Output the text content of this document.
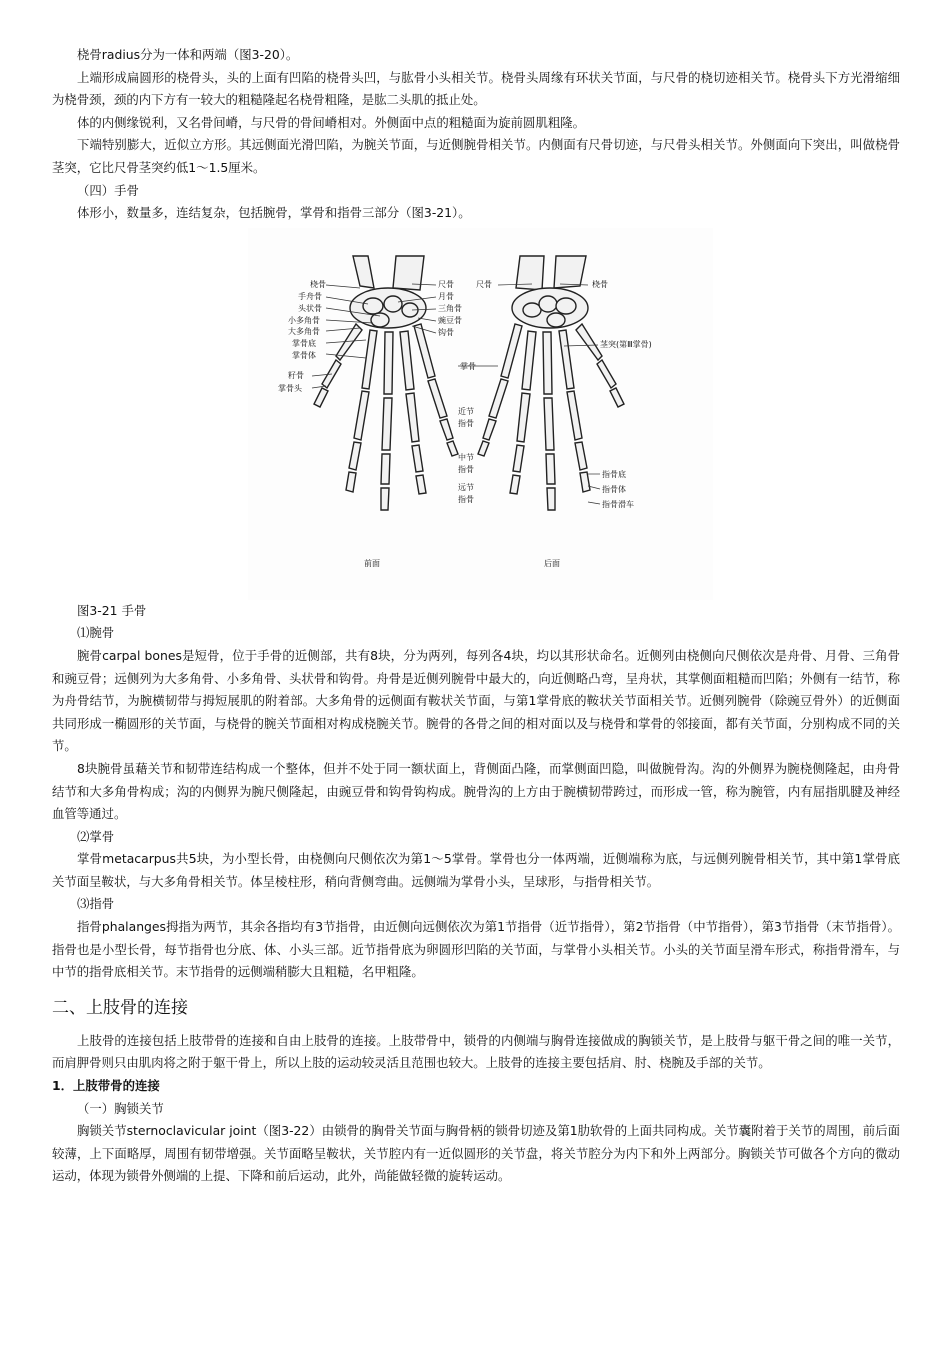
桡骨radius分为一体和两端（图3-20）。

上端形成扁圆形的桡骨头，头的上面有凹陷的桡骨头凹，与肱骨小头相关节。桡骨头周缘有环状关节面，与尺骨的桡切迹相关节。桡骨头下方光滑缩细为桡骨颈，颈的内下方有一较大的粗糙隆起名桡骨粗隆，是肱二头肌的抵止处。

体的内侧缘锐利，又名骨间嵴，与尺骨的骨间嵴相对。外侧面中点的粗糙面为旋前圆肌粗隆。

下端特别膨大，近似立方形。其远侧面光滑凹陷，为腕关节面，与近侧腕骨相关节。内侧面有尺骨切迹，与尺骨头相关节。外侧面向下突出，叫做桡骨茎突，它比尺骨茎突约低1～1.5厘米。

（四）手骨

体形小，数量多，连结复杂，包括腕骨，掌骨和指骨三部分（图3-21）。

桡骨
手舟骨
头状骨
小多角骨
大多角骨
掌骨底
掌骨体
籽骨
掌骨头
尺骨
月骨
三角骨
豌豆骨
钩骨
掌骨
近节
指骨
中节
指骨
远节
指骨
尺骨	桡骨
茎突(第Ⅲ掌骨)
指骨底
指骨体
指骨滑车
前面	后面

图3-21 手骨

⑴腕骨

腕骨carpal bones是短骨，位于手骨的近侧部，共有8块，分为两列，每列各4块，均以其形状命名。近侧列由桡侧向尺侧依次是舟骨、月骨、三角骨和豌豆骨；远侧列为大多角骨、小多角骨、头状骨和钩骨。舟骨是近侧列腕骨中最大的，向近侧略凸弯，呈舟状，其掌侧面粗糙而凹陷；外侧有一结节，称为舟骨结节，为腕横韧带与拇短展肌的附着部。大多角骨的远侧面有鞍状关节面，与第1掌骨底的鞍状关节面相关节。近侧列腕骨（除豌豆骨外）的近侧面共同形成一椭圆形的关节面，与桡骨的腕关节面相对构成桡腕关节。腕骨的各骨之间的相对面以及与桡骨和掌骨的邻接面，都有关节面，分别构成不同的关节。

8块腕骨虽藉关节和韧带连结构成一个整体，但并不处于同一额状面上，背侧面凸隆，而掌侧面凹隐，叫做腕骨沟。沟的外侧界为腕桡侧隆起，由舟骨结节和大多角骨构成；沟的内侧界为腕尺侧隆起，由豌豆骨和钩骨钩构成。腕骨沟的上方由于腕横韧带跨过，而形成一管，称为腕管，内有屈指肌腱及神经血管等通过。

⑵掌骨

掌骨metacarpus共5块，为小型长骨，由桡侧向尺侧依次为第1～5掌骨。掌骨也分一体两端，近侧端称为底，与远侧列腕骨相关节，其中第1掌骨底关节面呈鞍状，与大多角骨相关节。体呈棱柱形，稍向背侧弯曲。远侧端为掌骨小头，呈球形，与指骨相关节。

⑶指骨

指骨phalanges拇指为两节，其余各指均有3节指骨，由近侧向远侧依次为第1节指骨（近节指骨），第2节指骨（中节指骨），第3节指骨（末节指骨）。指骨也是小型长骨，每节指骨也分底、体、小头三部。近节指骨底为卵圆形凹陷的关节面，与掌骨小头相关节。小头的关节面呈滑车形式，称指骨滑车，与中节的指骨底相关节。末节指骨的远侧端稍膨大且粗糙，名甲粗隆。

二、上肢骨的连接

上肢骨的连接包括上肢带骨的连接和自由上肢骨的连接。上肢带骨中，锁骨的内侧端与胸骨连接做成的胸锁关节，是上肢骨与躯干骨之间的唯一关节，而肩胛骨则只由肌肉将之附于躯干骨上，所以上肢的运动较灵活且范围也较大。上肢骨的连接主要包括肩、肘、桡腕及手部的关节。

1．上肢带骨的连接

（一）胸锁关节

胸锁关节sternoclavicular joint（图3-22）由锁骨的胸骨关节面与胸骨柄的锁骨切迹及第1肋软骨的上面共同构成。关节囊附着于关节的周围，前后面较薄，上下面略厚，周围有韧带增强。关节面略呈鞍状，关节腔内有一近似圆形的关节盘，将关节腔分为内下和外上两部分。胸锁关节可做各个方向的微动运动，体现为锁骨外侧端的上提、下降和前后运动，此外，尚能做轻微的旋转运动。
